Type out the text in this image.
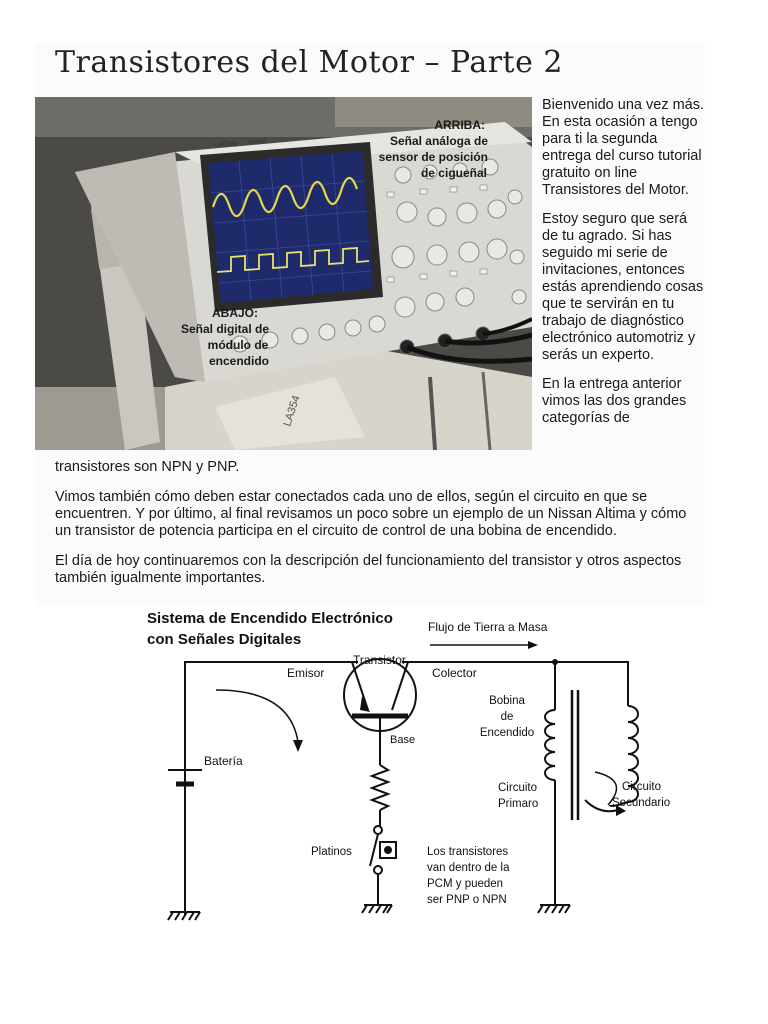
Transistores del Motor – Parte 2
LeCroy LA354
LA354
ARRIBA:
Señal análoga de
sensor de posición
de cigueñal
ABAJO:
Señal digital de
módulo de
encendido

Bienvenido una vez más. En esta ocasión a tengo para ti la segunda entrega del curso tutorial gratuito on line Transistores del Motor.

Estoy seguro que será de tu agrado. Si has seguido mi serie de invitaciones, entonces estás aprendiendo cosas que te servirán en tu trabajo de diagnóstico electrónico automotriz y serás un experto.

En la entrega anterior vimos las dos grandes categorías de

transistores son NPN y PNP.

Vimos también cómo deben estar conectados cada uno de ellos, según el circuito en que se encuentren. Y por último, al final revisamos un poco sobre un ejemplo de un Nissan Altima y cómo un transistor de potencia participa en el circuito de control de una bobina de encendido.

El día de hoy continuaremos con la descripción del funcionamiento del transistor y otros aspectos también igualmente importantes.

Sistema de Encendido Electrónico
con Señales Digitales
Flujo de Tierra a Masa
Transistor
Emisor	Colector
Base
Batería
Bobina
de
Encendido
Circuito
Primaro
Circuito
Secundario
Platinos	Los transistores
van dentro de la
PCM y pueden
ser PNP o NPN
